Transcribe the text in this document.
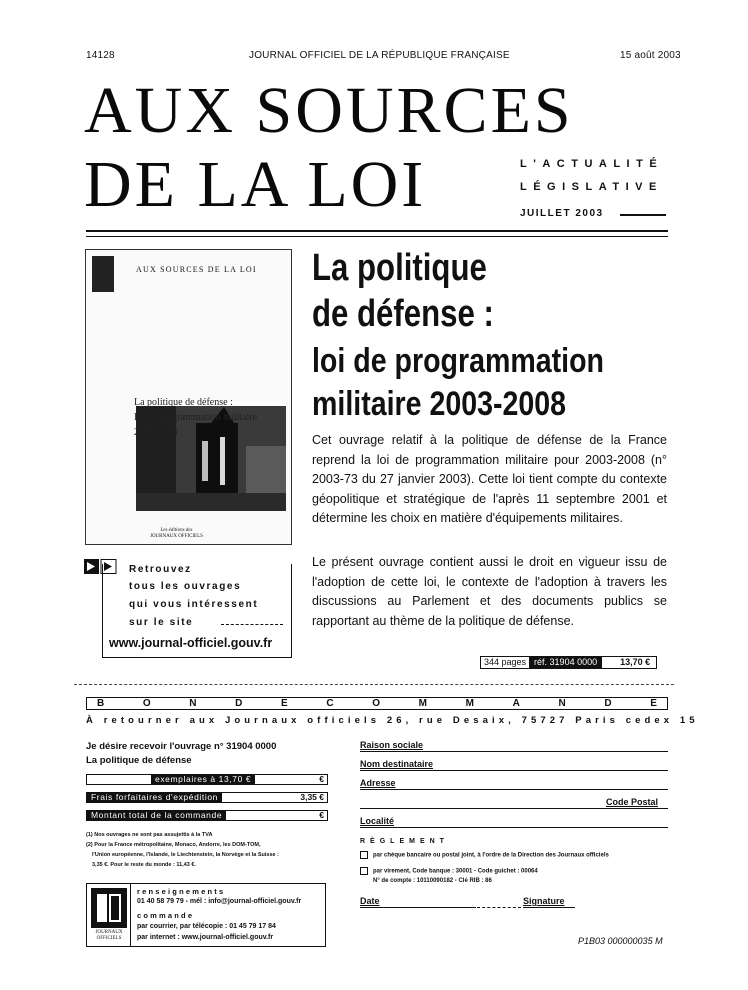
14128	JOURNAL OFFICIEL DE LA RÉPUBLIQUE FRANÇAISE	15 août 2003
AUX SOURCES
DE LA LOI	L'ACTUALITÉ
LÉGISLATIVE
JUILLET 2003
AUX SOURCES DE LA LOI
La politique de défense :
loi de programmation militaire
2003-2008
Les éditions des
JOURNAUX OFFICIELS
Retrouvez
tous les ouvrages
qui vous intéressent
sur le site
www.journal-officiel.gouv.fr
La politique
de défense :
loi de programmation
militaire 2003-2008
Cet ouvrage relatif à la politique de défense de la France reprend la loi de programmation militaire pour 2003-2008 (n° 2003-73 du 27 janvier 2003). Cette loi tient compte du contexte géopolitique et stratégique de l'après 11 septembre 2001 et détermine les choix en matière d'équipements militaires.
Le présent ouvrage contient aussi le droit en vigueur issu de l'adoption de cette loi, le contexte de l'adoption à travers les discussions au Parlement et des documents publics se rapportant au thème de la politique de défense.
344 pages réf. 31904 0000	13,70 €
B	O	N	D	E	C	O	M	M	A	N	D	E
À retourner aux Journaux officiels 26, rue Desaix, 75727 Paris cedex 15
Je désire recevoir l'ouvrage n° 31904 0000
La politique de défense
exemplaires à 13,70 €	€
Frais forfaitaires d'expédition	3,35 €
Montant total de la commande	€
(1) Nos ouvrages ne sont pas assujettis à la TVA
(2) Pour la France métropolitaine, Monaco, Andorre, les DOM-TOM,
l'Union européenne, l'Islande, le Liechtenstein, la Norvège et la Suisse :
3,35 €. Pour le reste du monde : 11,43 €.
Raison sociale
Nom destinataire
Adresse
Code Postal
Localité
RÈGLEMENT
par chèque bancaire ou postal joint, à l'ordre de la Direction des Journaux officiels
par virement, Code banque : 30001 - Code guichet : 00064
N° de compte : 10110090182 - Clé RIB : 86
Date	Signature
JOURNAUX
OFFICIELS
renseignements
01 40 58 79 79 - mél : info@journal-officiel.gouv.fr
commande
par courrier, par télécopie : 01 45 79 17 84
par internet : www.journal-officiel.gouv.fr	P1B03 000000035 M
